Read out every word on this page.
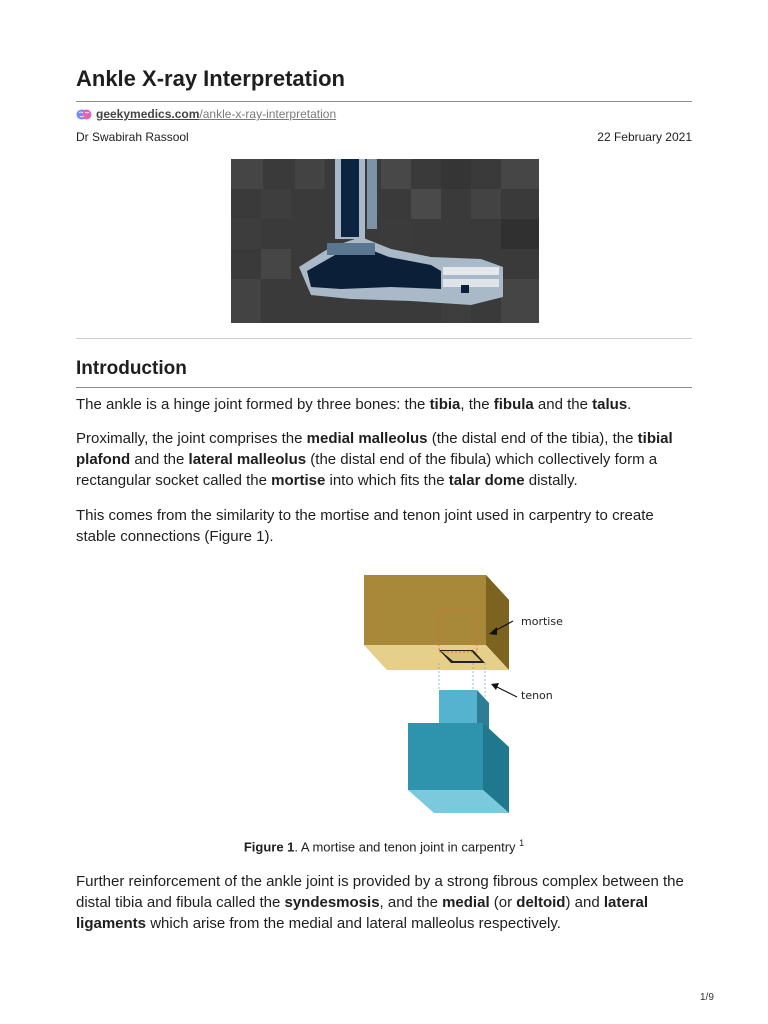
Ankle X-ray Interpretation
geekymedics.com /ankle-x-ray-interpretation
Dr Swabirah Rassool	22 February 2021
Introduction

The ankle is a hinge joint formed by three bones: the tibia, the fibula and the talus.

Proximally, the joint comprises the medial malleolus (the distal end of the tibia), the tibial plafond and the lateral malleolus (the distal end of the fibula) which collectively form a rectangular socket called the mortise into which fits the talar dome distally.

This comes from the similarity to the mortise and tenon joint used in carpentry to create stable connections (Figure 1).

mortise
tenon
Figure 1. A mortise and tenon joint in carpentry $^1$

Further reinforcement of the ankle joint is provided by a strong fibrous complex between the distal tibia and fibula called the syndesmosis, and the medial (or deltoid) and lateral ligaments which arise from the medial and lateral malleolus respectively.

1/9
